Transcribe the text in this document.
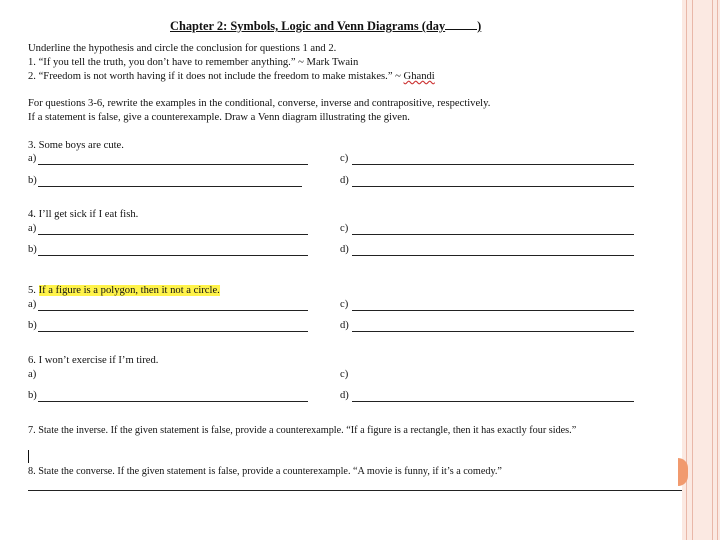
Chapter 2: Symbols, Logic and Venn Diagrams (day	)
Underline the hypothesis and circle the conclusion for questions 1 and 2.
1. “If you tell the truth, you don’t have to remember anything.” ~ Mark Twain
2. “Freedom is not worth having if it does not include the freedom to make mistakes.” ~ Ghandi
For questions 3-6, rewrite the examples in the conditional, converse, inverse and contrapositive, respectively.
If a statement is false, give a counterexample. Draw a Venn diagram illustrating the given.
3. Some boys are cute.
a)	c)
b)	d)
4. I’ll get sick if I eat fish.
a)	c)
b)	d)
5. If a figure is a polygon, then it not a circle.
a)	c)
b)	d)
6. I won’t exercise if I’m tired.
a)	c)
b)	d)
7. State the inverse. If the given statement is false, provide a counterexample. “If a figure is a rectangle, then it has exactly four sides.”
8. State the converse. If the given statement is false, provide a counterexample. “A movie is funny, if it’s a comedy.”
